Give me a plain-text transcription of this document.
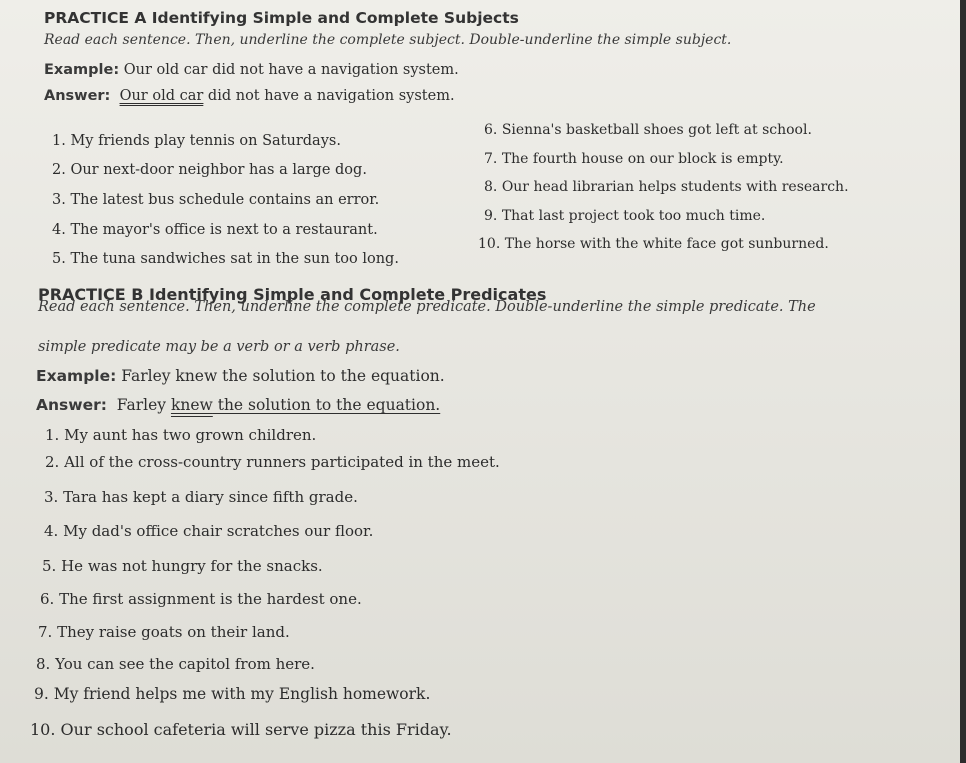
PRACTICE A Identifying Simple and Complete Subjects
Read each sentence. Then, underline the complete subject. Double-underline the simple subject.
Example: Our old car did not have a navigation system.
Answer: Our old car did not have a navigation system.
1. My friends play tennis on Saturdays.
2. Our next-door neighbor has a large dog.
3. The latest bus schedule contains an error.
4. The mayor's office is next to a restaurant.
5. The tuna sandwiches sat in the sun too long.
6. Sienna's basketball shoes got left at school.
7. The fourth house on our block is empty.
8. Our head librarian helps students with research.
9. That last project took too much time.
10. The horse with the white face got sunburned.
PRACTICE B Identifying Simple and Complete Predicates
Read each sentence. Then, underline the complete predicate. Double-underline the simple predicate. The
simple predicate may be a verb or a verb phrase.
Example: Farley knew the solution to the equation.
Answer: Farley knew the solution to the equation.
1. My aunt has two grown children.
2. All of the cross-country runners participated in the meet.
3. Tara has kept a diary since fifth grade.
4. My dad's office chair scratches our floor.
5. He was not hungry for the snacks.
6. The first assignment is the hardest one.
7. They raise goats on their land.
8. You can see the capitol from here.
9. My friend helps me with my English homework.
10. Our school cafeteria will serve pizza this Friday.
